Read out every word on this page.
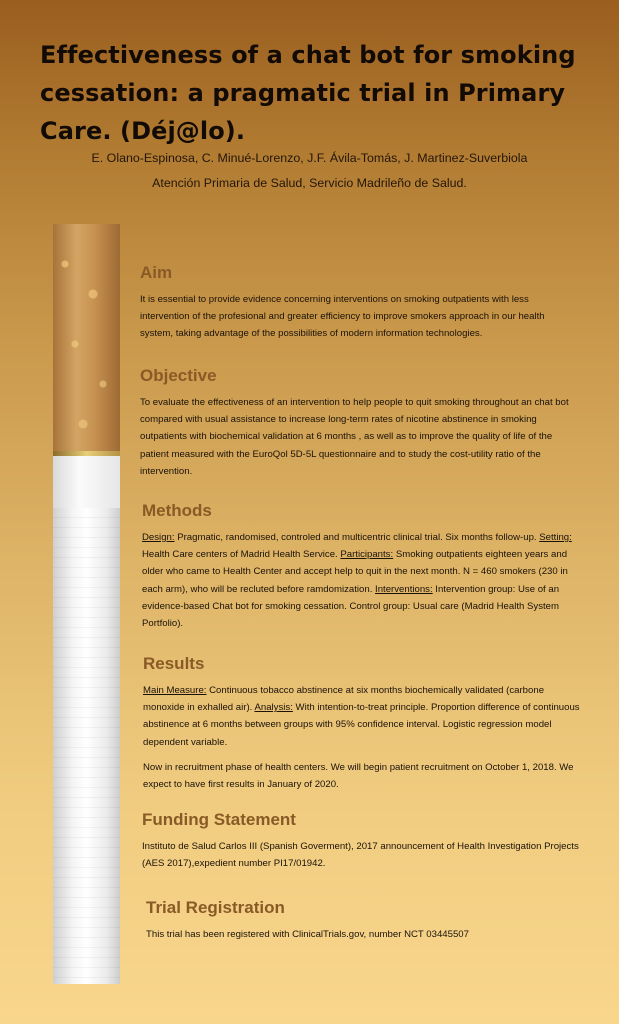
Effectiveness of a chat bot for smoking cessation: a pragmatic trial in Primary Care. (Déj@lo).
E. Olano-Espinosa, C. Minué-Lorenzo, J.F. Ávila-Tomás, J. Martinez-Suverbiola
Atención Primaria de Salud, Servicio Madrileño de Salud.
Aim

It is essential to provide evidence concerning interventions on smoking outpatients with less intervention of the profesional and greater efficiency to improve smokers approach in our health system, taking advantage of the possibilities of modern information technologies.

Objective

To evaluate the effectiveness of an intervention to help people to quit smoking throughout an chat bot compared with usual assistance to increase long-term rates of nicotine abstinence in smoking outpatients with biochemical validation at 6 months , as well as to improve the quality of life of the patient measured with the EuroQol 5D-5L questionnaire and to study the cost-utility ratio of the intervention.

Methods

Design: Pragmatic, randomised, controled and multicentric clinical trial. Six months follow-up. Setting: Health Care centers of Madrid Health Service. Participants: Smoking outpatients eighteen years and older who came to Health Center and accept help to quit in the next month. N = 460 smokers (230 in each arm), who will be recluted before ramdomization. Interventions: Intervention group: Use of an evidence-based Chat bot for smoking cessation. Control group: Usual care (Madrid Health System Portfolio).

Results

Main Measure: Continuous tobacco abstinence at six months biochemically validated (carbone monoxide in exhalled air). Analysis: With intention-to-treat principle. Proportion difference of continuous abstinence at 6 months between groups with 95% confidence interval. Logistic regression model dependent variable.

Now in recruitment phase of health centers. We will begin patient recruitment on October 1, 2018. We expect to have first results in January of 2020.

Funding Statement

Instituto de Salud Carlos III (Spanish Goverment), 2017 announcement of Health Investigation Projects (AES 2017),expedient number PI17/01942.

Trial Registration

This trial has been registered with ClinicalTrials.gov, number NCT 03445507
